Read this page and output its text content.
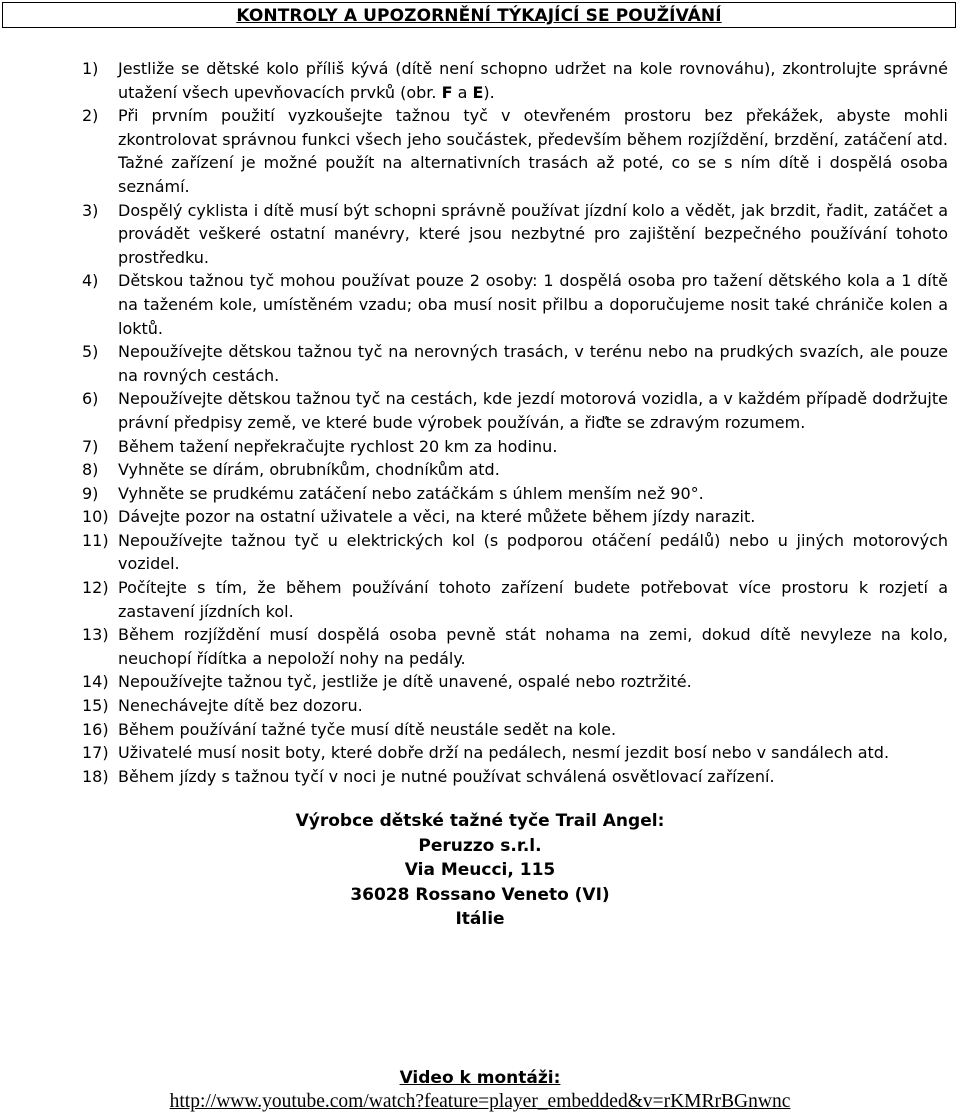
KONTROLY A UPOZORNĚNÍ TÝKAJÍCÍ SE POUŽÍVÁNÍ
1) Jestliže se dětské kolo příliš kývá (dítě není schopno udržet na kole rovnováhu), zkontrolujte správné utažení všech upevňovacích prvků (obr. F a E).
2) Při prvním použití vyzkoušejte tažnou tyč v otevřeném prostoru bez překážek, abyste mohli zkontrolovat správnou funkci všech jeho součástek, především během rozjíždění, brzdění, zatáčení atd. Tažné zařízení je možné použít na alternativních trasách až poté, co se s ním dítě i dospělá osoba seznámí.
3) Dospělý cyklista i dítě musí být schopni správně používat jízdní kolo a vědět, jak brzdit, řadit, zatáčet a provádět veškeré ostatní manévry, které jsou nezbytné pro zajištění bezpečného používání tohoto prostředku.
4) Dětskou tažnou tyč mohou používat pouze 2 osoby: 1 dospělá osoba pro tažení dětského kola a 1 dítě na taženém kole, umístěném vzadu; oba musí nosit přilbu a doporučujeme nosit také chrániče kolen a loktů.
5) Nepoužívejte dětskou tažnou tyč na nerovných trasách, v terénu nebo na prudkých svazích, ale pouze na rovných cestách.
6) Nepoužívejte dětskou tažnou tyč na cestách, kde jezdí motorová vozidla, a v každém případě dodržujte právní předpisy země, ve které bude výrobek používán, a řiďte se zdravým rozumem.
7) Během tažení nepřekračujte rychlost 20 km za hodinu.
8) Vyhněte se dírám, obrubníkům, chodníkům atd.
9) Vyhněte se prudkému zatáčení nebo zatáčkám s úhlem menším než 90°.
10) Dávejte pozor na ostatní uživatele a věci, na které můžete během jízdy narazit.
11) Nepoužívejte tažnou tyč u elektrických kol (s podporou otáčení pedálů) nebo u jiných motorových vozidel.
12) Počítejte s tím, že během používání tohoto zařízení budete potřebovat více prostoru k rozjetí a zastavení jízdních kol.
13) Během rozjíždění musí dospělá osoba pevně stát nohama na zemi, dokud dítě nevyleze na kolo, neuchopí řídítka a nepoloží nohy na pedály.
14) Nepoužívejte tažnou tyč, jestliže je dítě unavené, ospalé nebo roztržité.
15) Nenechávejte dítě bez dozoru.
16) Během používání tažné tyče musí dítě neustále sedět na kole.
17) Uživatelé musí nosit boty, které dobře drží na pedálech, nesmí jezdit bosí nebo v sandálech atd.
18) Během jízdy s tažnou tyčí v noci je nutné používat schválená osvětlovací zařízení.
Výrobce dětské tažné tyče Trail Angel:
Peruzzo s.r.l.
Via Meucci, 115
36028 Rossano Veneto (VI)
Itálie
Video k montáži:
http://www.youtube.com/watch?feature=player_embedded&v=rKMRrBGnwnc
